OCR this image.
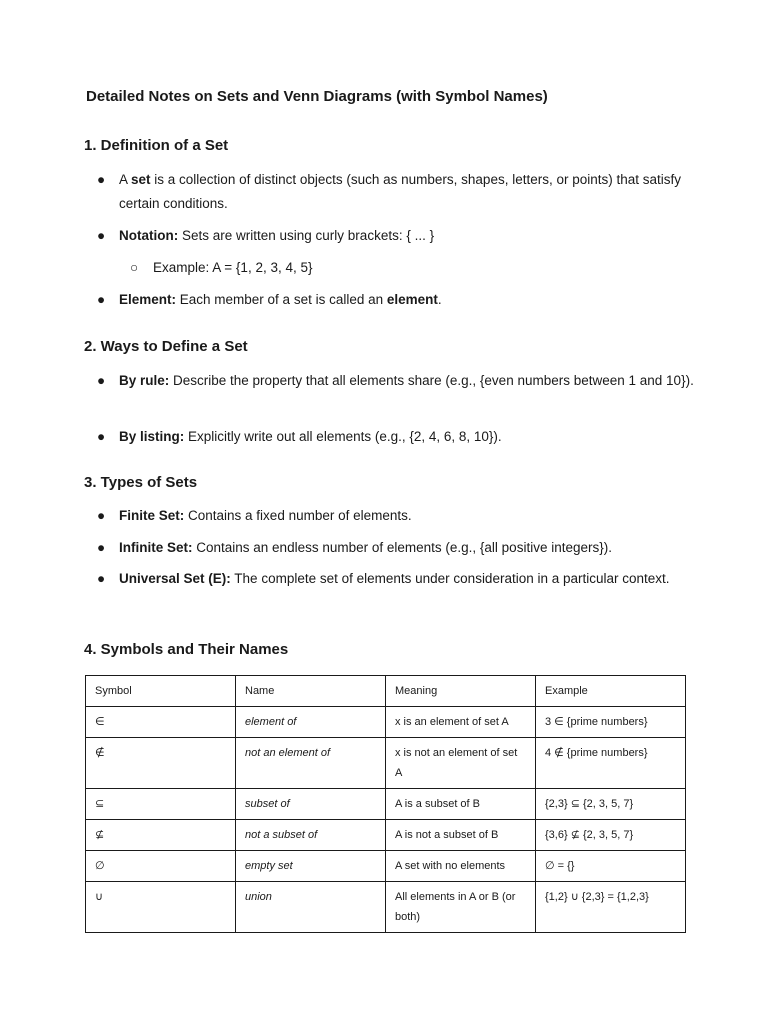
Detailed Notes on Sets and Venn Diagrams (with Symbol Names)
1. Definition of a Set
● A set is a collection of distinct objects (such as numbers, shapes, letters, or points) that satisfy certain conditions.
● Notation: Sets are written using curly brackets: { ... }
○ Example: A = {1, 2, 3, 4, 5}
● Element: Each member of a set is called an element.
2. Ways to Define a Set
● By rule: Describe the property that all elements share (e.g., {even numbers between 1 and 10}).
● By listing: Explicitly write out all elements (e.g., {2, 4, 6, 8, 10}).
3. Types of Sets
● Finite Set: Contains a fixed number of elements.
● Infinite Set: Contains an endless number of elements (e.g., {all positive integers}).
● Universal Set (E): The complete set of elements under consideration in a particular context.
4. Symbols and Their Names
Symbol	Name	Meaning	Example
∈	element of	x is an element of set A	3 ∈ {prime numbers}
∉	not an element of	x is not an element of set A	4 ∉ {prime numbers}
⊆	subset of	A is a subset of B	{2,3} ⊆ {2, 3, 5, 7}
⊈	not a subset of	A is not a subset of B	{3,6} ⊈ {2, 3, 5, 7}
∅	empty set	A set with no elements	∅ = {}
∪	union	All elements in A or B (or both)	{1,2} ∪ {2,3} = {1,2,3}
